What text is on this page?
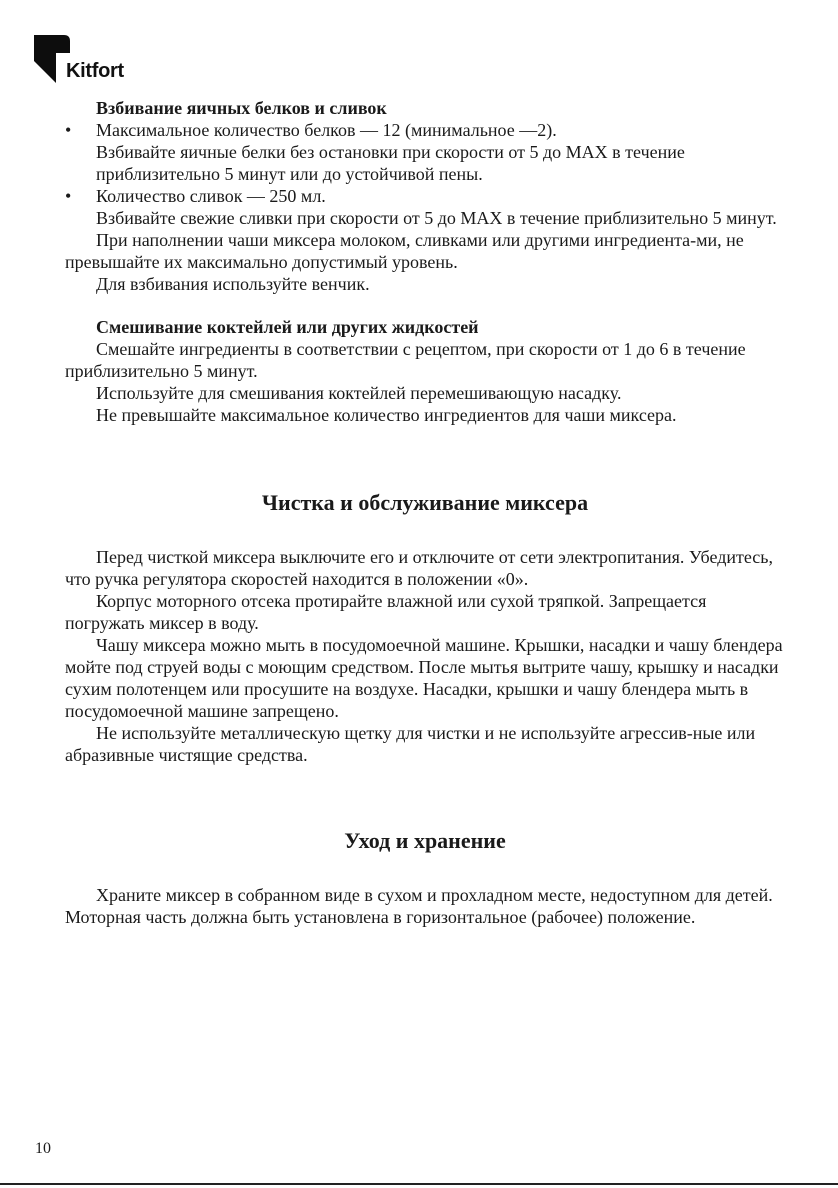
Kitfort

Взбивание яичных белков и сливок

• Максимальное количество белков — 12 (минимальное —2).

Взбивайте яичные белки без остановки при скорости от 5 до MAX в течение приблизительно 5 минут или до устойчивой пены.

• Количество сливок — 250 мл.

Взбивайте свежие сливки при скорости от 5 до MAX в течение приблизительно 5 минут.

При наполнении чаши миксера молоком, сливками или другими ингредиента-ми, не превышайте их максимально допустимый уровень.

Для взбивания используйте венчик.

Смешивание коктейлей или других жидкостей

Смешайте ингредиенты в соответствии с рецептом, при скорости от 1 до 6 в течение приблизительно 5 минут.

Используйте для смешивания коктейлей перемешивающую насадку.

Не превышайте максимальное количество ингредиентов для чаши миксера.

Чистка и обслуживание миксера

Перед чисткой миксера выключите его и отключите от сети электропитания. Убедитесь, что ручка регулятора скоростей находится в положении «0».

Корпус моторного отсека протирайте влажной или сухой тряпкой. Запрещается погружать миксер в воду.

Чашу миксера можно мыть в посудомоечной машине. Крышки, насадки и чашу блендера мойте под струей воды с моющим средством. После мытья вытрите чашу, крышку и насадки сухим полотенцем или просушите на воздухе. Насадки, крышки и чашу блендера мыть в посудомоечной машине запрещено.

Не используйте металлическую щетку для чистки и не используйте агрессив-ные или абразивные чистящие средства.

Уход и хранение

Храните миксер в собранном виде в сухом и прохладном месте, недоступном для детей. Моторная часть должна быть установлена в горизонтальное (рабочее) положение.

10
